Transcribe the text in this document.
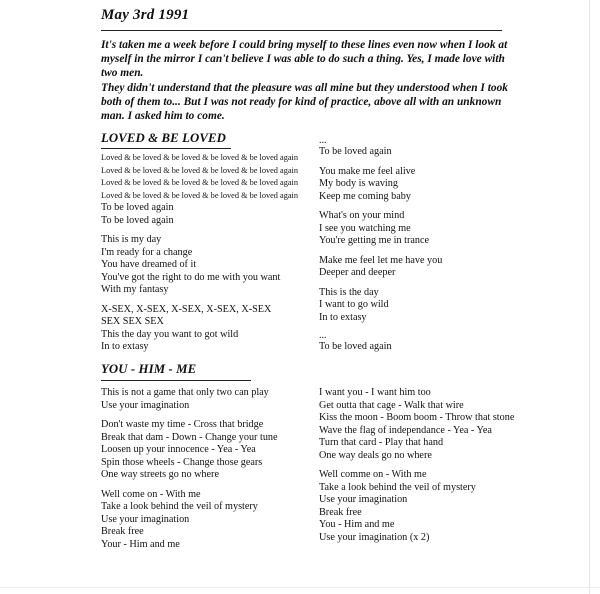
May 3rd 1991

It's taken me a week before I could bring myself to these lines even now when I look at myself in the mirror I can't believe I was able to do such a thing. Yes, I made love with two men.

They didn't understand that the pleasure was all mine but they understood when I took both of them to... But I was not ready for kind of practice, above all with an unknown man. I asked him to come.

LOVED & BE LOVED
Loved & be loved & be loved & be loved & be loved again
Loved & be loved & be loved & be loved & be loved again
Loved & be loved & be loved & be loved & be loved again
Loved & be loved & be loved & be loved & be loved again
To be loved again
To be loved again
This is my day
I'm ready for a change
You have dreamed of it
You've got the right to do me with you want
With my fantasy
X-SEX, X-SEX, X-SEX, X-SEX, X-SEX
SEX SEX SEX
This the day you want to got wild
In to extasy
...
To be loved again
You make me feel alive
My body is waving
Keep me coming baby
What's on your mind
I see you watching me
You're getting me in trance
Make me feel let me have you
Deeper and deeper
This is the day
I want to go wild
In to extasy
...
To be loved again
YOU - HIM - ME
This is not a game that only two can play
Use your imagination
Don't waste my time - Cross that bridge
Break that dam - Down - Change your tune
Loosen up your innocence - Yea - Yea
Spin those wheels - Change those gears
One way streets go no where
Well come on - With me
Take a look behind the veil of mystery
Use your imagination
Break free
Your - Him and me
I want you - I want him too
Get outta that cage - Walk that wire
Kiss the moon - Boom boom - Throw that stone
Wave the flag of independance - Yea - Yea
Turn that card - Play that hand
One way deals go no where
Well comme on - With me
Take a look behind the veil of mystery
Use your imagination
Break free
You - Him and me
Use your imagination (x 2)
